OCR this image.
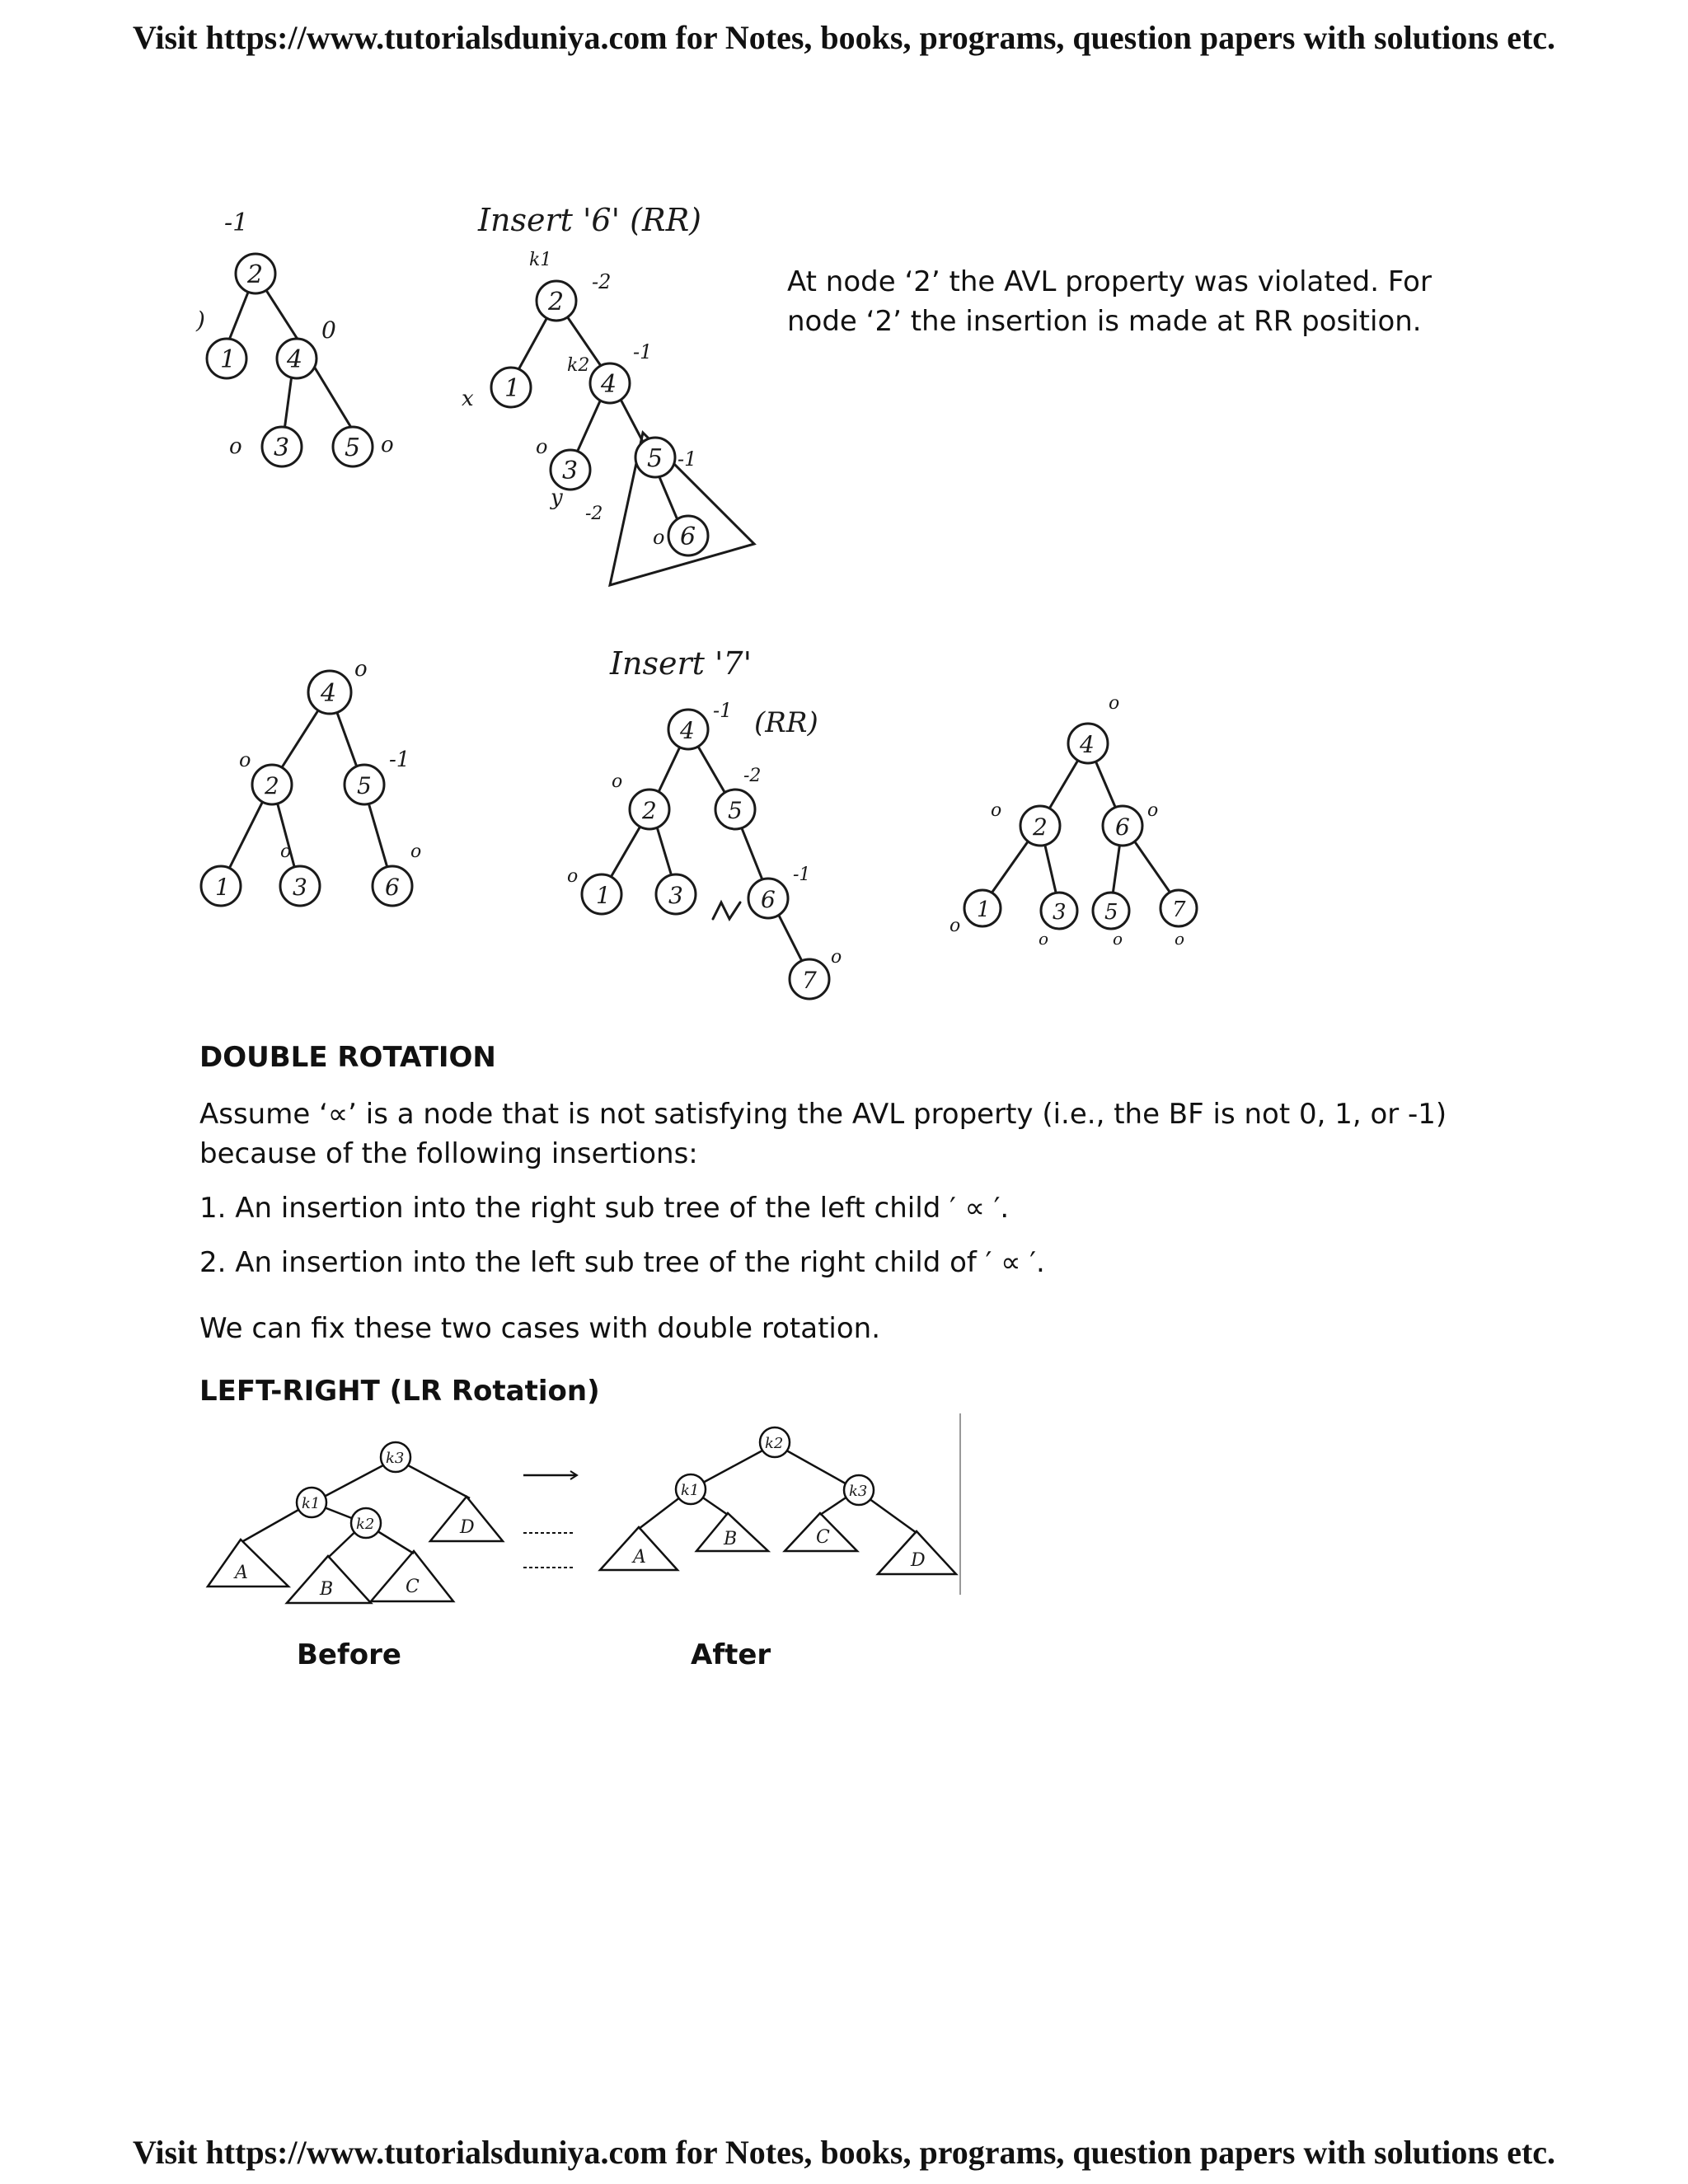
Visit https://www.tutorialsduniya.com for Notes, books, programs, question papers with solutions etc.
-1
2
)
1
0
4
o 3 5 o
Insert '6' (RR)
k1
2
-2
x 1
k2
4
-1
o
3
y
5 -1
-2
6
o
At node ‘2’ the AVL property was violated. For node ‘2’ the insertion is made at RR position.
4
o
2
o
5
-1
1	3
o
6
o
Insert '7'
(RR)
4
-1
2
o
5
-2
o
1	3	6
-1
7
o
o
4
o
2	6
o
o
1	3
o
5
o
7
o
DOUBLE ROTATION
Assume ‘∝’ is a node that is not satisfying the AVL property (i.e., the BF is not 0, 1, or -1) because of the following insertions:
1. An insertion into the right sub tree of the left child ′ ∝ ′.
2. An insertion into the left sub tree of the right child of ′ ∝ ′.
We can fix these two cases with double rotation.
LEFT-RIGHT (LR Rotation)
k3
k1
k2
A
B	C
D
k2
k1	k3
A
B	C
D
Before	After
Visit https://www.tutorialsduniya.com for Notes, books, programs, question papers with solutions etc.
